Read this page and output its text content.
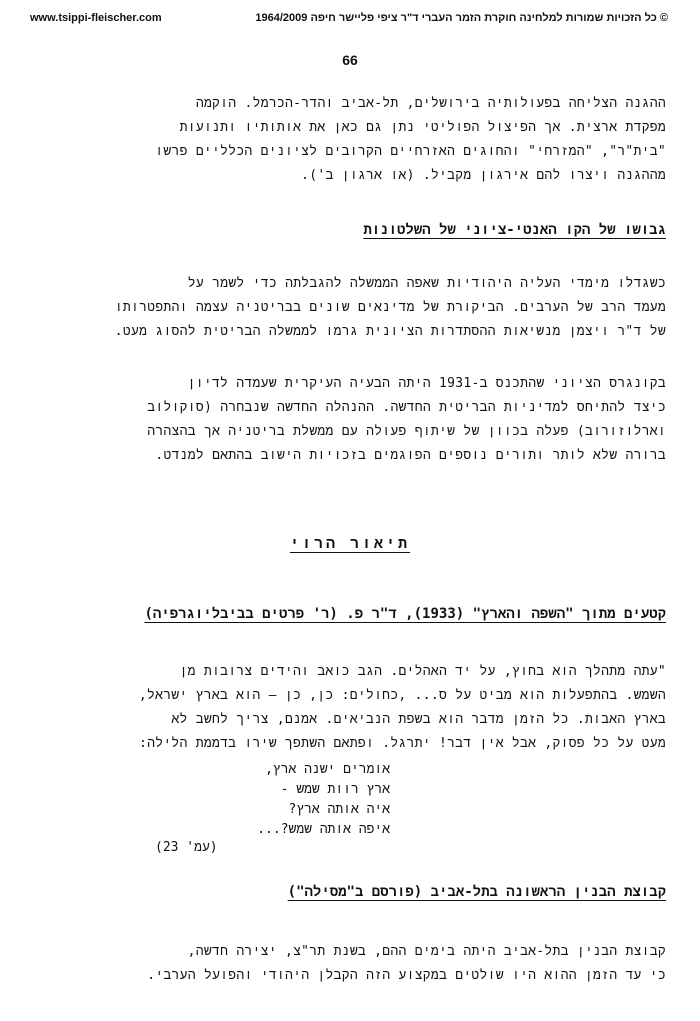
www.tsippi-fleischer.com	© כל הזכויות שמורות למלחינה חוקרת הזמר העברי ד"ר ציפי פליישר חיפה 1964/2009
66
ההגנה הצליחה בפעולותיה בירושלים, תל-אביב והדר-הכרמל. הוקמה
מפקדת ארצית. אך הפיצול הפוליטי נתן גם כאן את אותותיו ותנועות
"בית"ר", "המזרחי" והחוגים האזרחיים הקרובים לציונים הכלליים פרשו
מההגנה ויצרו להם אירגון מקביל. (או ארגון ב').
גבושו של הקו האנטי-ציוני של השלטונות
כשגדלו מימדי העליה היהודיות שאפה הממשלה להגבלתה כדי לשמר על
מעמד הרב של הערבים. הביקורת של מדינאים שונים בבריטניה עצמה והתפטרותו
של ד"ר ויצמן מנשיאות ההסתדרות הציונית גרמו לממשלה הבריטית להסוג מעט.
בקונגרס הציוני שהתכנס ב-1931 היתה הבעיה העיקרית שעמדה לדיון
כיצד להתיחס למדיניות הבריטית החדשה. ההנהלה החדשה שנבחרה (סוקולוב
וארלוזורוב) פעלה בכוון של שיתוף פעולה עם ממשלת בריטניה אך בהצהרה
ברורה שלא לותר ותורים נוספים הפוגמים בזכויות הישוב בהתאם למנדט.
תיאור הרוי
קטעים מתוך "השפה והארץ" (1933), ד"ר פ. (ר' פרטים בביבליוגרפיה)
"עתה מתהלך הוא בחוץ, על יד האהלים. הגב כואב והידים צרובות מן
השמש. בהתפעלות הוא מביט על ס... ,כחולים: כן, כן – הוא בארץ ישראל,
בארץ האבות. כל הזמן מדבר הוא בשפת הנביאים. אמנם, צריך לחשב לא
מעט על כל פסוק, אבל אין דבר! יתרגל. ופתאם השתפך שירו בדממת הלילה:
אומרים ישנה ארץ,
ארץ רוות שמש -
איה אותה ארץ?
איפה אותה שמש?...
(עמ' 23)
קבוצת הבנין הראשונה בתל-אביב (פורסם ב"מסילה")
קבוצת הבנין בתל-אביב היתה בימים ההם, בשנת תר"צ, יצירה חדשה,
כי עד הזמן ההוא היו שולטים במקצוע הזה הקבלן היהודי והפועל הערבי.
